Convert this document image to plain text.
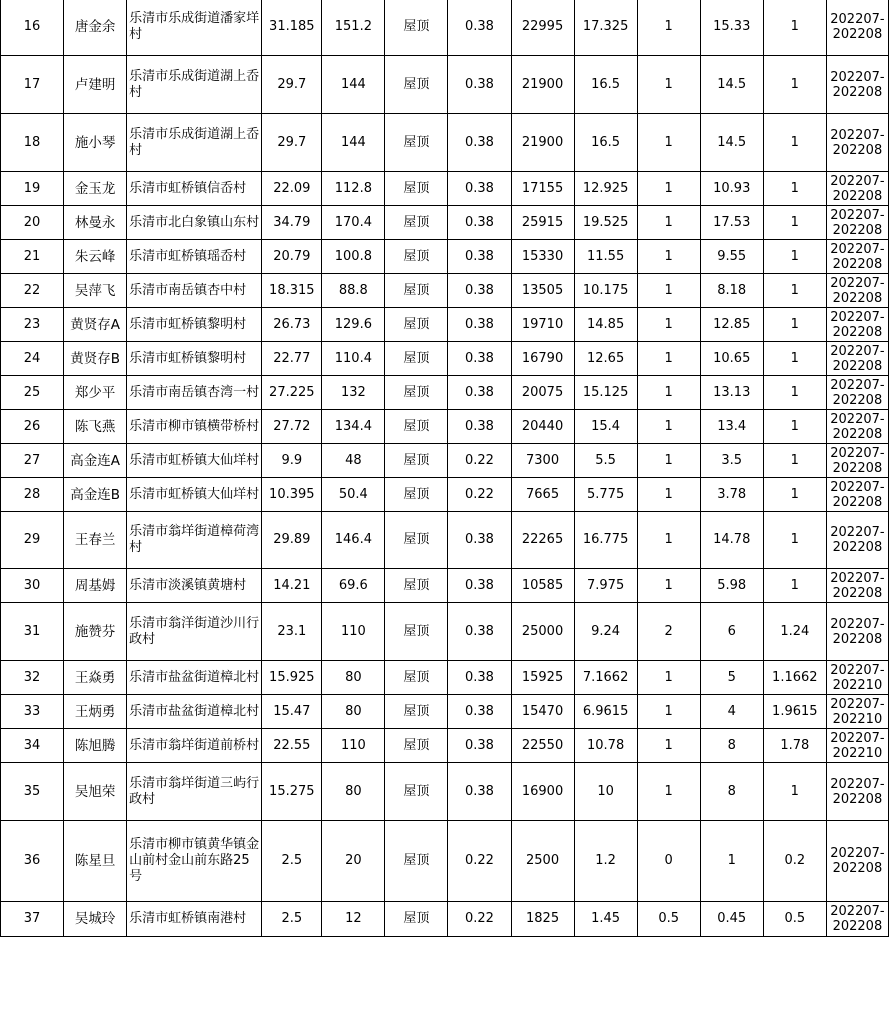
16	唐金余	乐清市乐成街道潘家垟村	31.185	151.2	屋顶	0.38	22995	17.325	1	15.33	1	202207-
202208

17	卢建明	乐清市乐成街道湖上岙村	29.7	144	屋顶	0.38	21900	16.5	1	14.5	1	202207-
202208

18	施小琴	乐清市乐成街道湖上岙村	29.7	144	屋顶	0.38	21900	16.5	1	14.5	1	202207-
202208

19	金玉龙	乐清市虹桥镇信岙村	22.09	112.8	屋顶	0.38	17155	12.925	1	10.93	1	202207-
202208

20	林曼永	乐清市北白象镇山东村	34.79	170.4	屋顶	0.38	25915	19.525	1	17.53	1	202207-
202208

21	朱云峰	乐清市虹桥镇瑶岙村	20.79	100.8	屋顶	0.38	15330	11.55	1	9.55	1	202207-
202208

22	吴萍飞	乐清市南岳镇杏中村	18.315	88.8	屋顶	0.38	13505	10.175	1	8.18	1	202207-
202208

23	黄贤存A	乐清市虹桥镇黎明村	26.73	129.6	屋顶	0.38	19710	14.85	1	12.85	1	202207-
202208

24	黄贤存B	乐清市虹桥镇黎明村	22.77	110.4	屋顶	0.38	16790	12.65	1	10.65	1	202207-
202208

25	郑少平	乐清市南岳镇杏湾一村	27.225	132	屋顶	0.38	20075	15.125	1	13.13	1	202207-
202208

26	陈飞燕	乐清市柳市镇横带桥村	27.72	134.4	屋顶	0.38	20440	15.4	1	13.4	1	202207-
202208

27	高金连A	乐清市虹桥镇大仙垟村	9.9	48	屋顶	0.22	7300	5.5	1	3.5	1	202207-
202208

28	高金连B	乐清市虹桥镇大仙垟村	10.395	50.4	屋顶	0.22	7665	5.775	1	3.78	1	202207-
202208

29	王春兰	乐清市翁垟街道樟荷湾村	29.89	146.4	屋顶	0.38	22265	16.775	1	14.78	1	202207-
202208

30	周基姆	乐清市淡溪镇黄塘村	14.21	69.6	屋顶	0.38	10585	7.975	1	5.98	1	202207-
202208

31	施赞芬	乐清市翁洋街道沙川行政村	23.1	110	屋顶	0.38	25000	9.24	2	6	1.24	202207-
202208

32	王焱勇	乐清市盐盆街道樟北村	15.925	80	屋顶	0.38	15925	7.1662	1	5	1.1662	202207-
202210

33	王炳勇	乐清市盐盆街道樟北村	15.47	80	屋顶	0.38	15470	6.9615	1	4	1.9615	202207-
202210

34	陈旭腾	乐清市翁垟街道前桥村	22.55	110	屋顶	0.38	22550	10.78	1	8	1.78	202207-
202210

35	吴旭荣	乐清市翁垟街道三屿行政村	15.275	80	屋顶	0.38	16900	10	1	8	1	202207-
202208

36	陈星旦	乐清市柳市镇黄华镇金山前村金山前东路25号	2.5	20	屋顶	0.22	2500	1.2	0	1	0.2	202207-
202208

37	吴城玲	乐清市虹桥镇南港村	2.5	12	屋顶	0.22	1825	1.45	0.5	0.45	0.5	202207-
202208
